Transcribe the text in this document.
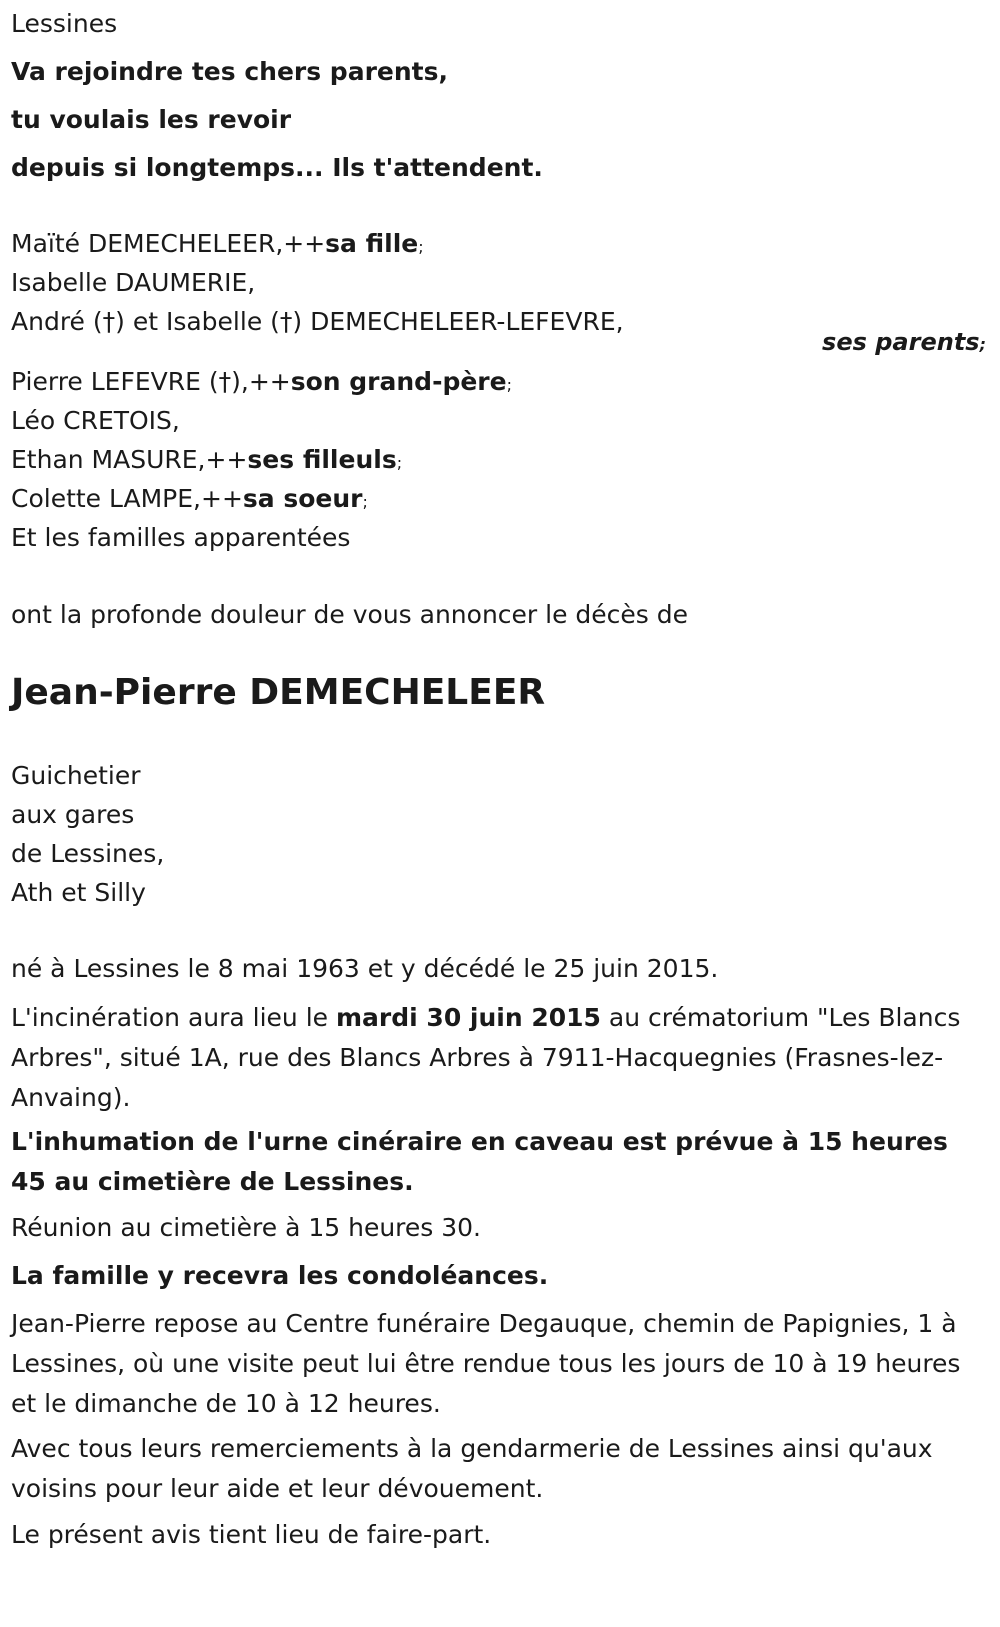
Lessines
Va rejoindre tes chers parents,
tu voulais les revoir
depuis si longtemps... Ils t'attendent.
Maïté DEMECHELEER,++sa fille;
Isabelle DAUMERIE,
André (†) et Isabelle (†) DEMECHELEER-LEFEVRE,
ses parents;
Pierre LEFEVRE (†),++son grand-père;
Léo CRETOIS,
Ethan MASURE,++ses filleuls;
Colette LAMPE,++sa soeur;
Et les familles apparentées
ont la profonde douleur de vous annoncer le décès de
Jean-Pierre DEMECHELEER
Guichetier
aux gares
de Lessines,
Ath et Silly
né à Lessines le 8 mai 1963 et y décédé le 25 juin 2015.
L'incinération aura lieu le mardi 30 juin 2015 au crématorium "Les Blancs Arbres", situé 1A, rue des Blancs Arbres à 7911-Hacquegnies (Frasnes-lez-Anvaing).
L'inhumation de l'urne cinéraire en caveau est prévue à 15 heures 45 au cimetière de Lessines.
Réunion au cimetière à 15 heures 30.
La famille y recevra les condoléances.
Jean-Pierre repose au Centre funéraire Degauque, chemin de Papignies, 1 à Lessines, où une visite peut lui être rendue tous les jours de 10 à 19 heures et le dimanche de 10 à 12 heures.
Avec tous leurs remerciements à la gendarmerie de Lessines ainsi qu'aux voisins pour leur aide et leur dévouement.
Le présent avis tient lieu de faire-part.
